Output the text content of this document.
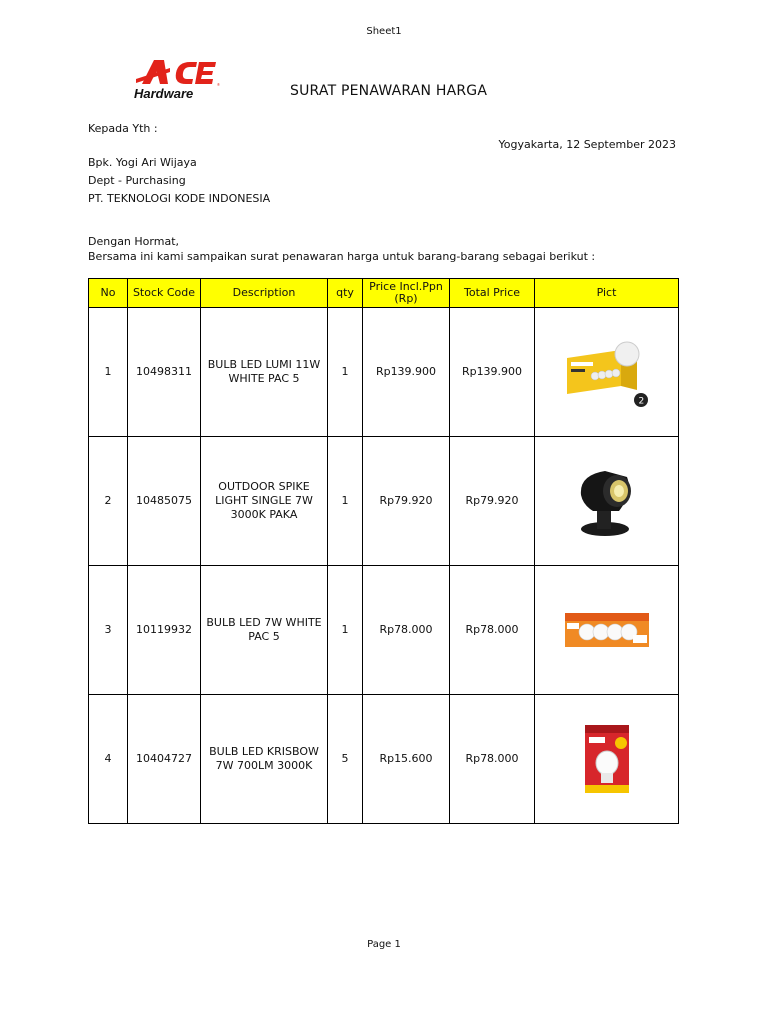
Sheet1
®
Hardware	SURAT PENAWARAN HARGA
Kepada Yth :
Yogyakarta, 12 September 2023
Bpk. Yogi Ari Wijaya
Dept - Purchasing
PT. TEKNOLOGI KODE INDONESIA
Dengan Hormat,
Bersama ini kami sampaikan surat penawaran harga untuk barang-barang sebagai berikut :
No	Stock Code	Description	qty	Price Incl.Ppn (Rp)	Total Price	Pict
1	10498311	BULB LED LUMI 11W WHITE PAC 5	1	Rp139.900	Rp139.900	2

2	10485075	OUTDOOR SPIKE LIGHT SINGLE 7W 3000K PAKA	1	Rp79.920	Rp79.920	

3	10119932	BULB LED 7W WHITE PAC 5	1	Rp78.000	Rp78.000	

4	10404727	BULB LED KRISBOW 7W 700LM 3000K	5	Rp15.600	Rp78.000	
Page 1
